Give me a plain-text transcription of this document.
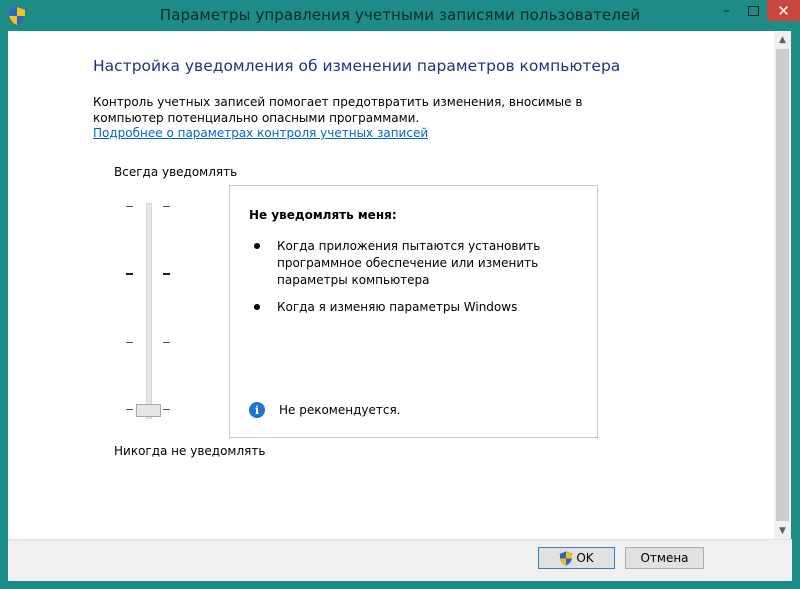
Параметры управления учетными записями пользователей	–	✕
Настройка уведомления об изменении параметров компьютера
Контроль учетных записей помогает предотвратить изменения, вносимые в компьютер потенциально опасными программами.
Подробнее о параметрах контроля учетных записей
Всегда уведомлять
Никогда не уведомлять
Не уведомлять меня:
Когда приложения пытаются установить программное обеспечение или изменить параметры компьютера
Когда я изменяю параметры Windows
i	Не рекомендуется.
▲
▼
OK	Отмена
